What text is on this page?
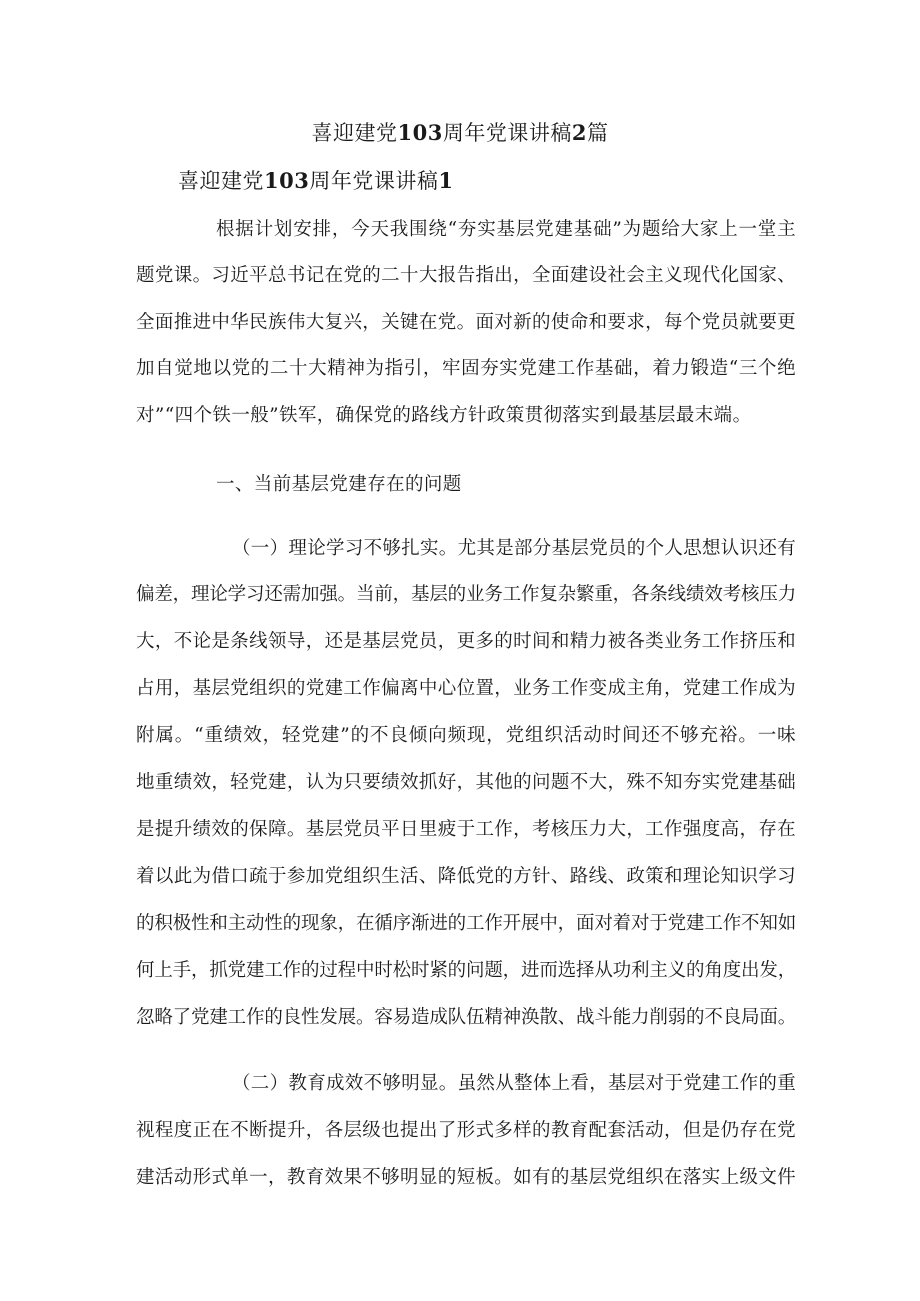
喜迎建党103周年党课讲稿2篇
喜迎建党103周年党课讲稿1

根据计划安排，今天我围绕“夯实基层党建基础”为题给大家上一堂主

题党课。习近平总书记在党的二十大报告指出，全面建设社会主义现代化国家、

全面推进中华民族伟大复兴，关键在党。面对新的使命和要求，每个党员就要更

加自觉地以党的二十大精神为指引，牢固夯实党建工作基础，着力锻造“三个绝

对”“四个铁一般”铁军，确保党的路线方针政策贯彻落实到最基层最末端。

一、当前基层党建存在的问题

（一）理论学习不够扎实。尤其是部分基层党员的个人思想认识还有

偏差，理论学习还需加强。当前，基层的业务工作复杂繁重，各条线绩效考核压力

大，不论是条线领导，还是基层党员，更多的时间和精力被各类业务工作挤压和

占用，基层党组织的党建工作偏离中心位置，业务工作变成主角，党建工作成为

附属。“重绩效，轻党建”的不良倾向频现，党组织活动时间还不够充裕。一味

地重绩效，轻党建，认为只要绩效抓好，其他的问题不大，殊不知夯实党建基础

是提升绩效的保障。基层党员平日里疲于工作，考核压力大，工作强度高，存在

着以此为借口疏于参加党组织生活、降低党的方针、路线、政策和理论知识学习

的积极性和主动性的现象，在循序渐进的工作开展中，面对着对于党建工作不知如

何上手，抓党建工作的过程中时松时紧的问题，进而选择从功利主义的角度出发，

忽略了党建工作的良性发展。容易造成队伍精神涣散、战斗能力削弱的不良局面。

（二）教育成效不够明显。虽然从整体上看，基层对于党建工作的重

视程度正在不断提升，各层级也提出了形式多样的教育配套活动，但是仍存在党

建活动形式单一，教育效果不够明显的短板。如有的基层党组织在落实上级文件
